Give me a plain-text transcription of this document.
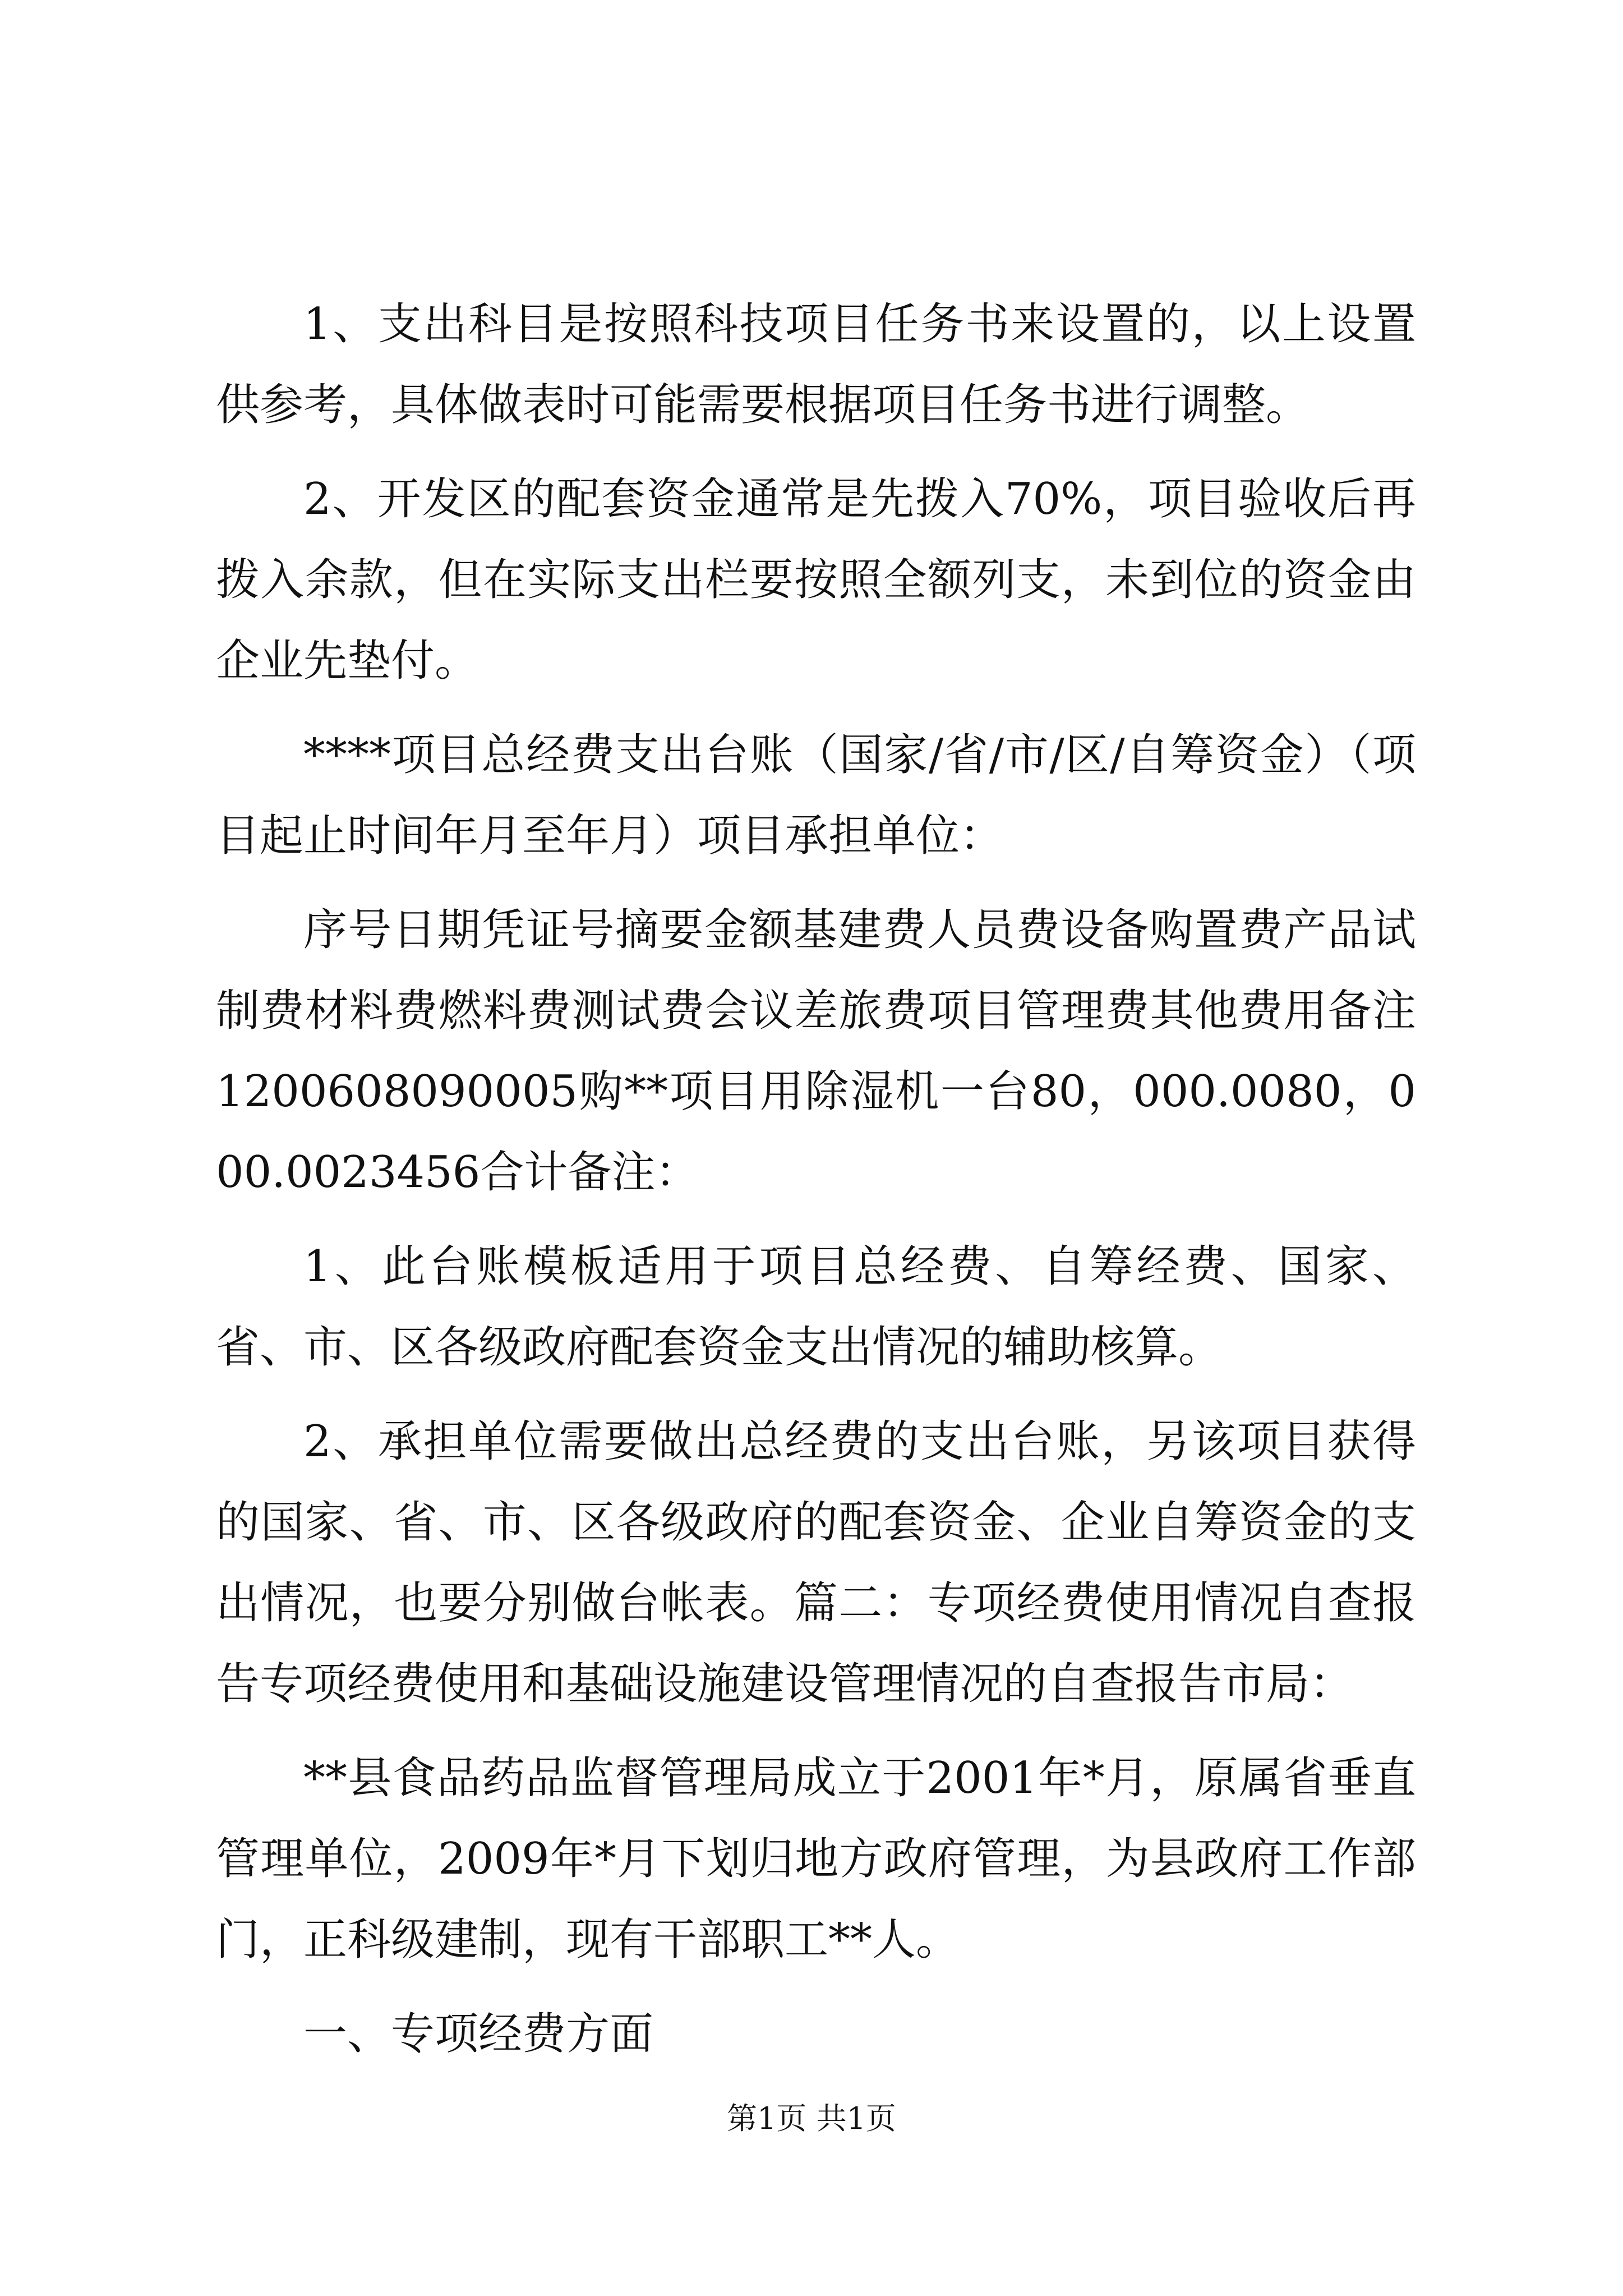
1、支出科目是按照科技项目任务书来设置的，以上设置供参考，具体做表时可能需要根据项目任务书进行调整。

2、开发区的配套资金通常是先拨入70%，项目验收后再拨入余款，但在实际支出栏要按照全额列支，未到位的资金由企业先垫付。

****项目总经费支出台账（国家/省/市/区/自筹资金）（项目起止时间年月至年月）项目承担单位：

序号日期凭证号摘要金额基建费人员费设备购置费产品试制费材料费燃料费测试费会议差旅费项目管理费其他费用备注1200608090005购**项目用除湿机一台80，000.0080，000.0023456合计备注：

1、此台账模板适用于项目总经费、自筹经费、国家、省、市、区各级政府配套资金支出情况的辅助核算。

2、承担单位需要做出总经费的支出台账，另该项目获得的国家、省、市、区各级政府的配套资金、企业自筹资金的支出情况，也要分别做台帐表。篇二：专项经费使用情况自查报告专项经费使用和基础设施建设管理情况的自查报告市局：

**县食品药品监督管理局成立于2001年*月，原属省垂直管理单位，2009年*月下划归地方政府管理，为县政府工作部门，正科级建制，现有干部职工**人。

一、专项经费方面

第1页 共1页
